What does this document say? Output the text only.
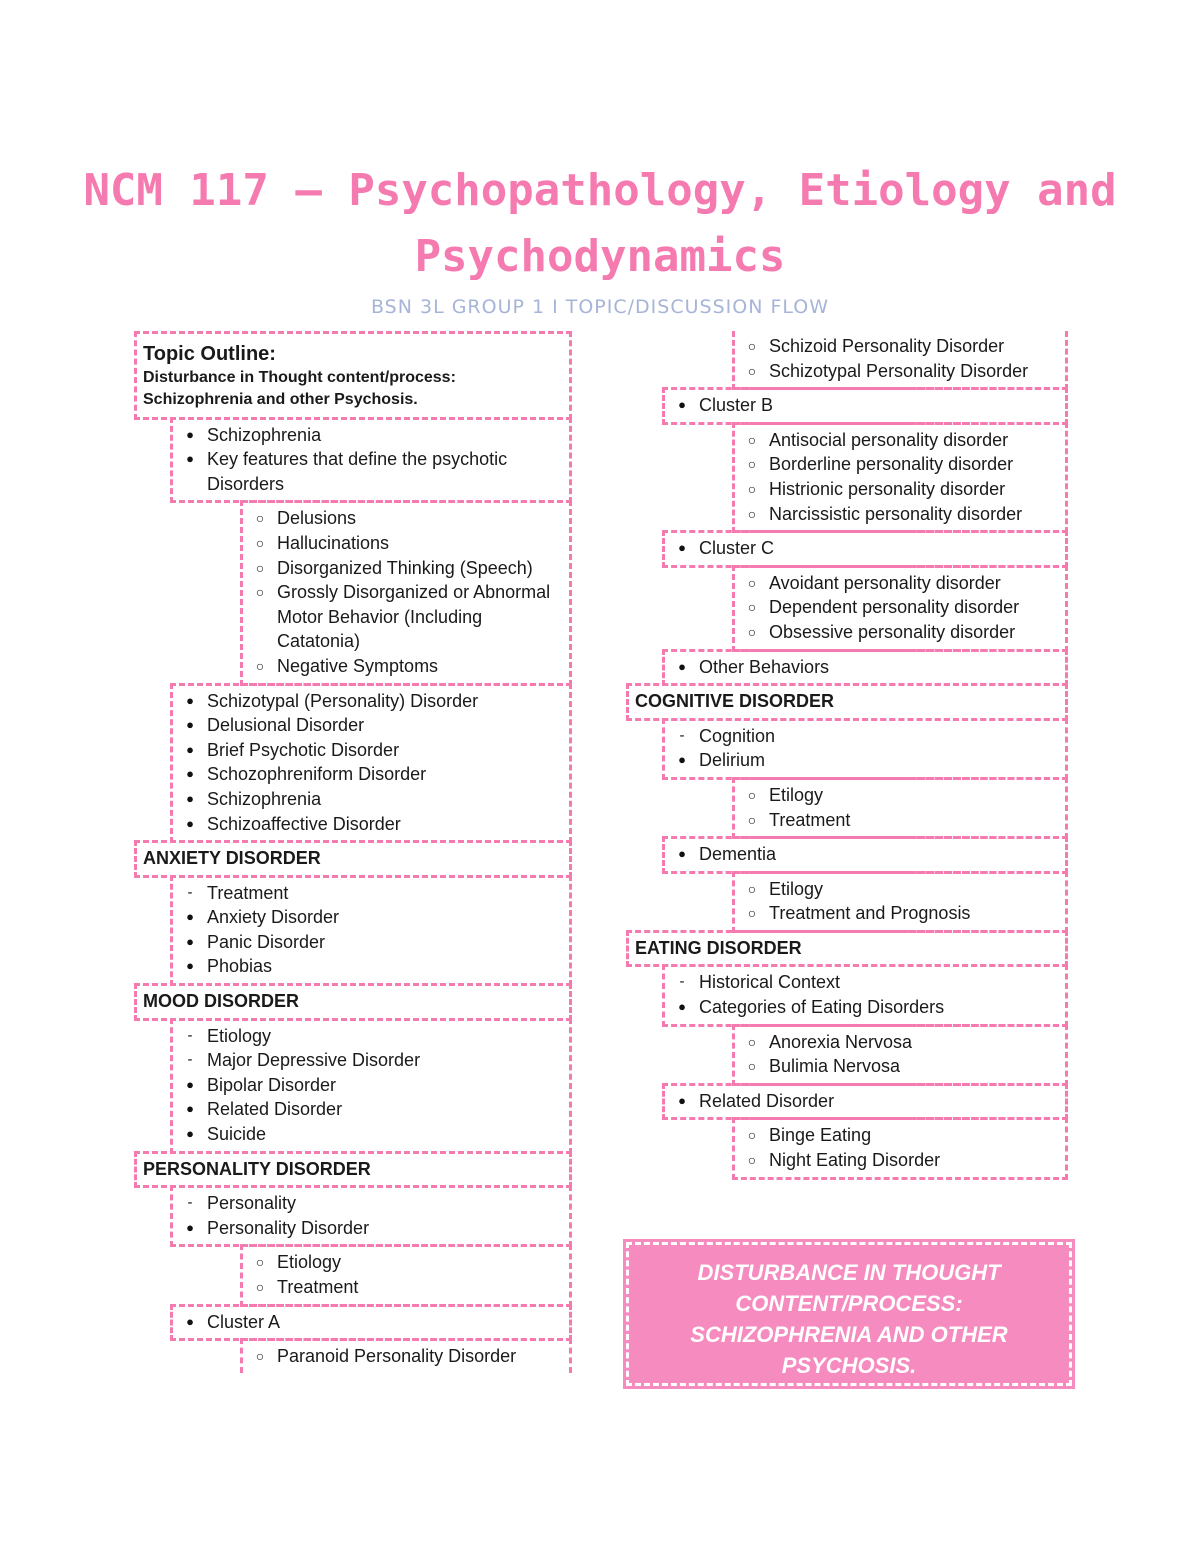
NCM 117 – Psychopathology, Etiology and
Psychodynamics
BSN 3L GROUP 1 I TOPIC/DISCUSSION FLOW
Topic Outline:
Disturbance in Thought content/process:
Schizophrenia and other Psychosis.
● Schizophrenia
● Key features that define the psychotic
Disorders
○ Delusions
○ Hallucinations
○ Disorganized Thinking (Speech)
○ Grossly Disorganized or Abnormal
Motor Behavior (Including
Catatonia)
○ Negative Symptoms
● Schizotypal (Personality) Disorder
● Delusional Disorder
● Brief Psychotic Disorder
● Schozophreniform Disorder
● Schizophrenia
● Schizoaffective Disorder
ANXIETY DISORDER
- Treatment
● Anxiety Disorder
● Panic Disorder
● Phobias
MOOD DISORDER
- Etiology
- Major Depressive Disorder
● Bipolar Disorder
● Related Disorder
● Suicide
PERSONALITY DISORDER
- Personality
● Personality Disorder
○ Etiology
○ Treatment
● Cluster A
○ Paranoid Personality Disorder
○ Schizoid Personality Disorder
○ Schizotypal Personality Disorder
● Cluster B
○ Antisocial personality disorder
○ Borderline personality disorder
○ Histrionic personality disorder
○ Narcissistic personality disorder
● Cluster C
○ Avoidant personality disorder
○ Dependent personality disorder
○ Obsessive personality disorder
● Other Behaviors
COGNITIVE DISORDER
- Cognition
● Delirium
○ Etilogy
○ Treatment
● Dementia
○ Etilogy
○ Treatment and Prognosis
EATING DISORDER
- Historical Context
● Categories of Eating Disorders
○ Anorexia Nervosa
○ Bulimia Nervosa
● Related Disorder
○ Binge Eating
○ Night Eating Disorder
DISTURBANCE IN THOUGHT
CONTENT/PROCESS:
SCHIZOPHRENIA AND OTHER
PSYCHOSIS.
